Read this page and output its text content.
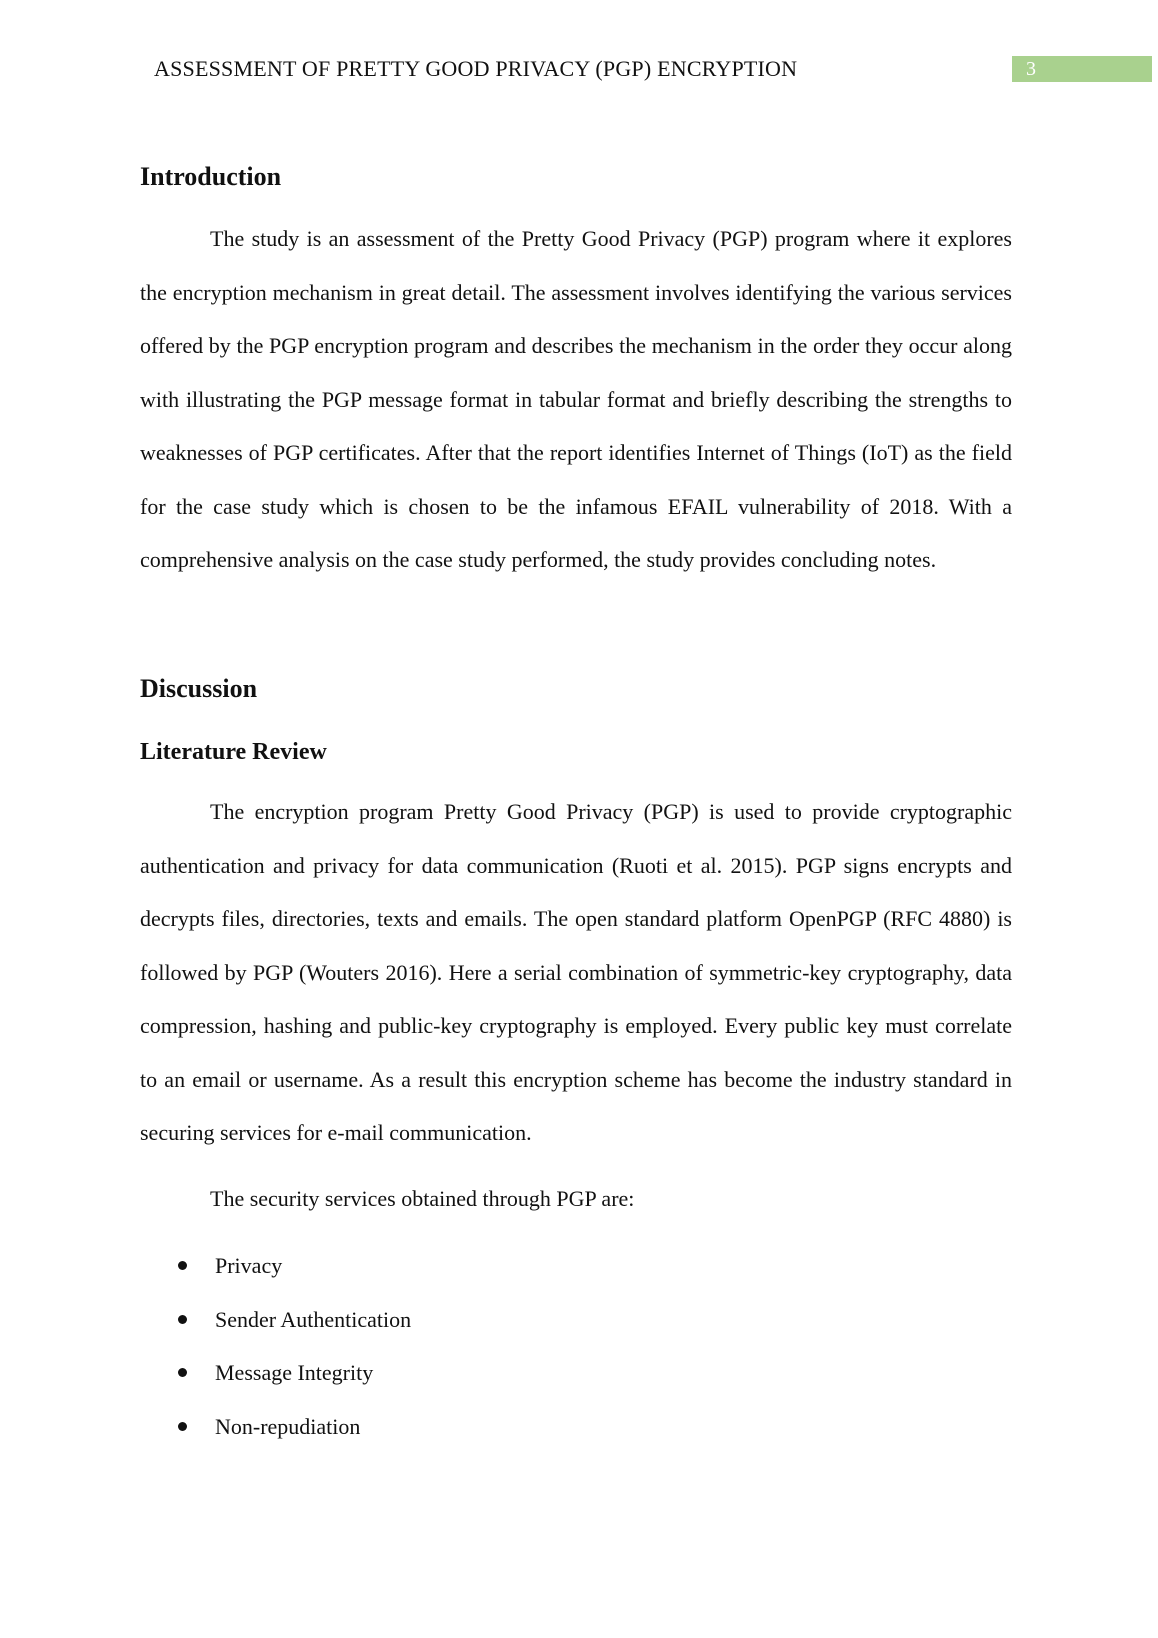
ASSESSMENT OF PRETTY GOOD PRIVACY (PGP) ENCRYPTION	3
Introduction

The study is an assessment of the Pretty Good Privacy (PGP) program where it explores the encryption mechanism in great detail. The assessment involves identifying the various services offered by the PGP encryption program and describes the mechanism in the order they occur along with illustrating the PGP message format in tabular format and briefly describing the strengths to weaknesses of PGP certificates. After that the report identifies Internet of Things (IoT) as the field for the case study which is chosen to be the infamous EFAIL vulnerability of 2018. With a comprehensive analysis on the case study performed, the study provides concluding notes.

Discussion
Literature Review

The encryption program Pretty Good Privacy (PGP) is used to provide cryptographic authentication and privacy for data communication (Ruoti et al. 2015). PGP signs encrypts and decrypts files, directories, texts and emails. The open standard platform OpenPGP (RFC 4880) is followed by PGP (Wouters 2016). Here a serial combination of symmetric-key cryptography, data compression, hashing and public-key cryptography is employed. Every public key must correlate to an email or username. As a result this encryption scheme has become the industry standard in securing services for e-mail communication.

The security services obtained through PGP are:

Privacy
Sender Authentication
Message Integrity
Non-repudiation
